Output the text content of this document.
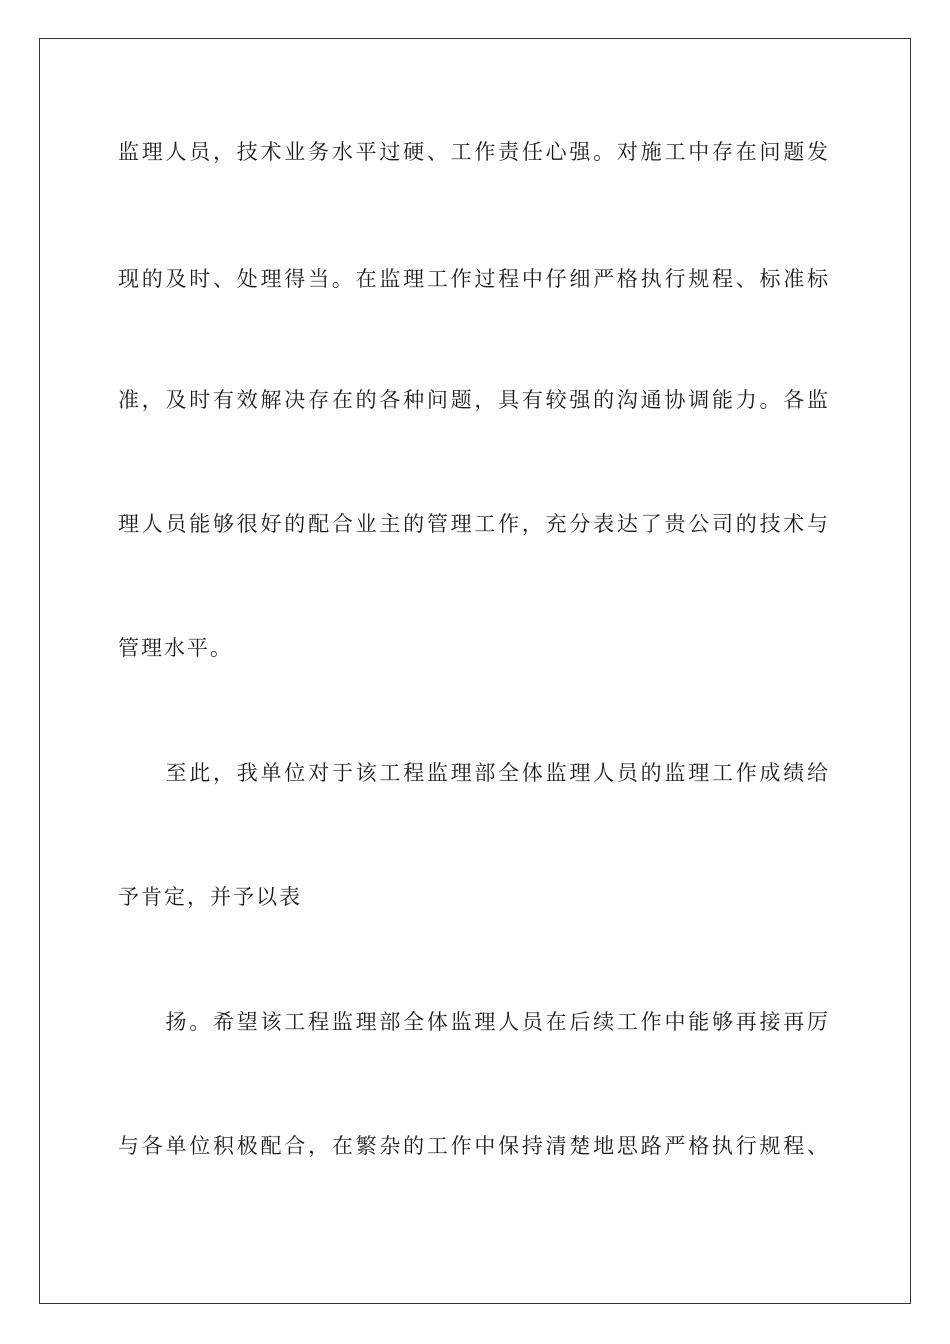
监理人员，技术业务水平过硬、工作责任心强。对施工中存在问题发
现的及时、处理得当。在监理工作过程中仔细严格执行规程、标准标
准，及时有效解决存在的各种问题，具有较强的沟通协调能力。各监
理人员能够很好的配合业主的管理工作，充分表达了贵公司的技术与
管理水平。
　　至此，我单位对于该工程监理部全体监理人员的监理工作成绩给
予肯定，并予以表
　　扬。希望该工程监理部全体监理人员在后续工作中能够再接再厉
与各单位积极配合，在繁杂的工作中保持清楚地思路严格执行规程、
